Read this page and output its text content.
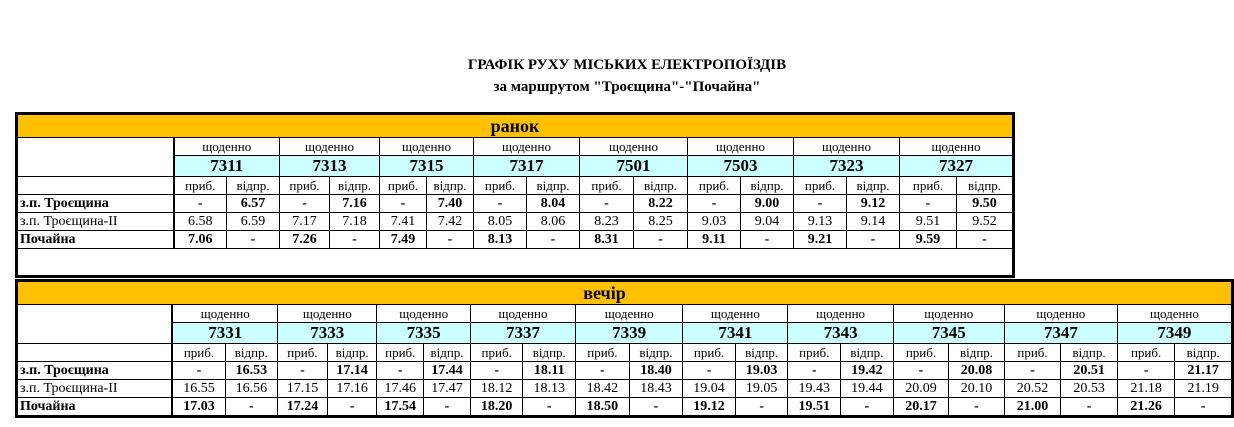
ГРАФІК РУХУ МІСЬКИХ ЕЛЕКТРОПОЇЗДІВ
за маршрутом "Троєщина"-"Почайна"
ранок																
	щоденно		щоденно		щоденно		щоденно		щоденно		щоденно		щоденно		щоденно	
	7311		7313		7315		7317		7501		7503		7323		7327	
	приб.	відпр.	приб.	відпр.	приб.	відпр.	приб.	відпр.	приб.	відпр.	приб.	відпр.	приб.	відпр.	приб.	відпр.
з.п. Троєщина	-	6.57	-	7.16	-	7.40	-	8.04	-	8.22	-	9.00	-	9.12	-	9.50
з.п. Троєщина-ІІ	6.58	6.59	7.17	7.18	7.41	7.42	8.05	8.06	8.23	8.25	9.03	9.04	9.13	9.14	9.51	9.52
Почайна	7.06	-	7.26	-	7.49	-	8.13	-	8.31	-	9.11	-	9.21	-	9.59	-

вечір																				
	щоденно		щоденно		щоденно		щоденно		щоденно		щоденно		щоденно		щоденно		щоденно		щоденно	
	7331		7333		7335		7337		7339		7341		7343		7345		7347		7349	
	приб.	відпр.	приб.	відпр.	приб.	відпр.	приб.	відпр.	приб.	відпр.	приб.	відпр.	приб.	відпр.	приб.	відпр.	приб.	відпр.	приб.	відпр.
з.п. Троєщина	-	16.53	-	17.14	-	17.44	-	18.11	-	18.40	-	19.03	-	19.42	-	20.08	-	20.51	-	21.17
з.п. Троєщина-ІІ	16.55	16.56	17.15	17.16	17.46	17.47	18.12	18.13	18.42	18.43	19.04	19.05	19.43	19.44	20.09	20.10	20.52	20.53	21.18	21.19
Почайна	17.03	-	17.24	-	17.54	-	18.20	-	18.50	-	19.12	-	19.51	-	20.17	-	21.00	-	21.26	-
